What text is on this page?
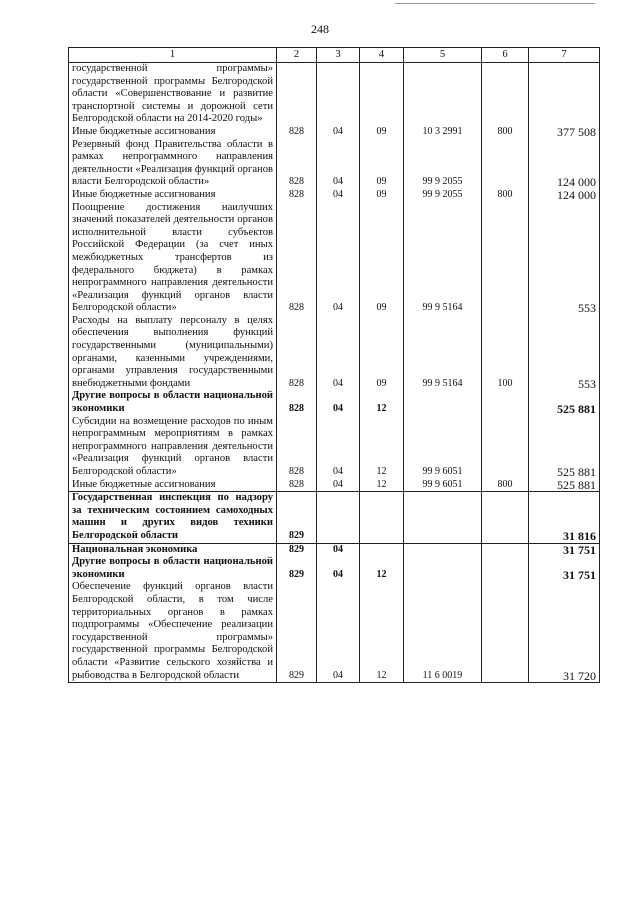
248
1	2	3	4	5	6	7
государственной программы» государственной программы Белгородской области «Совершенствование и развитие транспортной системы и дорожной сети Белгородской области на 2014-2020 годы»						
Иные бюджетные ассигнования	828	04	09	10 3 2991	800	377 508
Резервный фонд Правительства области в рамках непрограммного направления деятельности «Реализация функций органов власти Белгородской области»	828	04	09	99 9 2055		124 000
Иные бюджетные ассигнования	828	04	09	99 9 2055	800	124 000
Поощрение достижения наилучших значений показателей деятельности органов исполнительной власти субъектов Российской Федерации (за счет иных межбюджетных трансфертов из федерального бюджета) в рамках непрограммного направления деятельности «Реализация функций органов власти Белгородской области»	828	04	09	99 9 5164		553
Расходы на выплату персоналу в целях обеспечения выполнения функций государственными (муниципальными) органами, казенными учреждениями, органами управления государственными внебюджетными фондами	828	04	09	99 9 5164	100	553
Другие вопросы в области национальной экономики	828	04	12			525 881
Субсидии на возмещение расходов по иным непрограммным мероприятиям в рамках непрограммного направления деятельности «Реализация функций органов власти Белгородской области»	828	04	12	99 9 6051		525 881
Иные бюджетные ассигнования	828	04	12	99 9 6051	800	525 881
Государственная инспекция по надзору за техническим состоянием самоходных машин и других видов техники Белгородской области	829					31 816
Национальная экономика	829	04				31 751
Другие вопросы в области национальной экономики	829	04	12			31 751
Обеспечение функций органов власти Белгородской области, в том числе территориальных органов в рамках подпрограммы «Обеспечение реализации государственной программы» государственной программы Белгородской области «Развитие сельского хозяйства и рыбоводства в Белгородской области	829	04	12	11 6 0019		31 720
